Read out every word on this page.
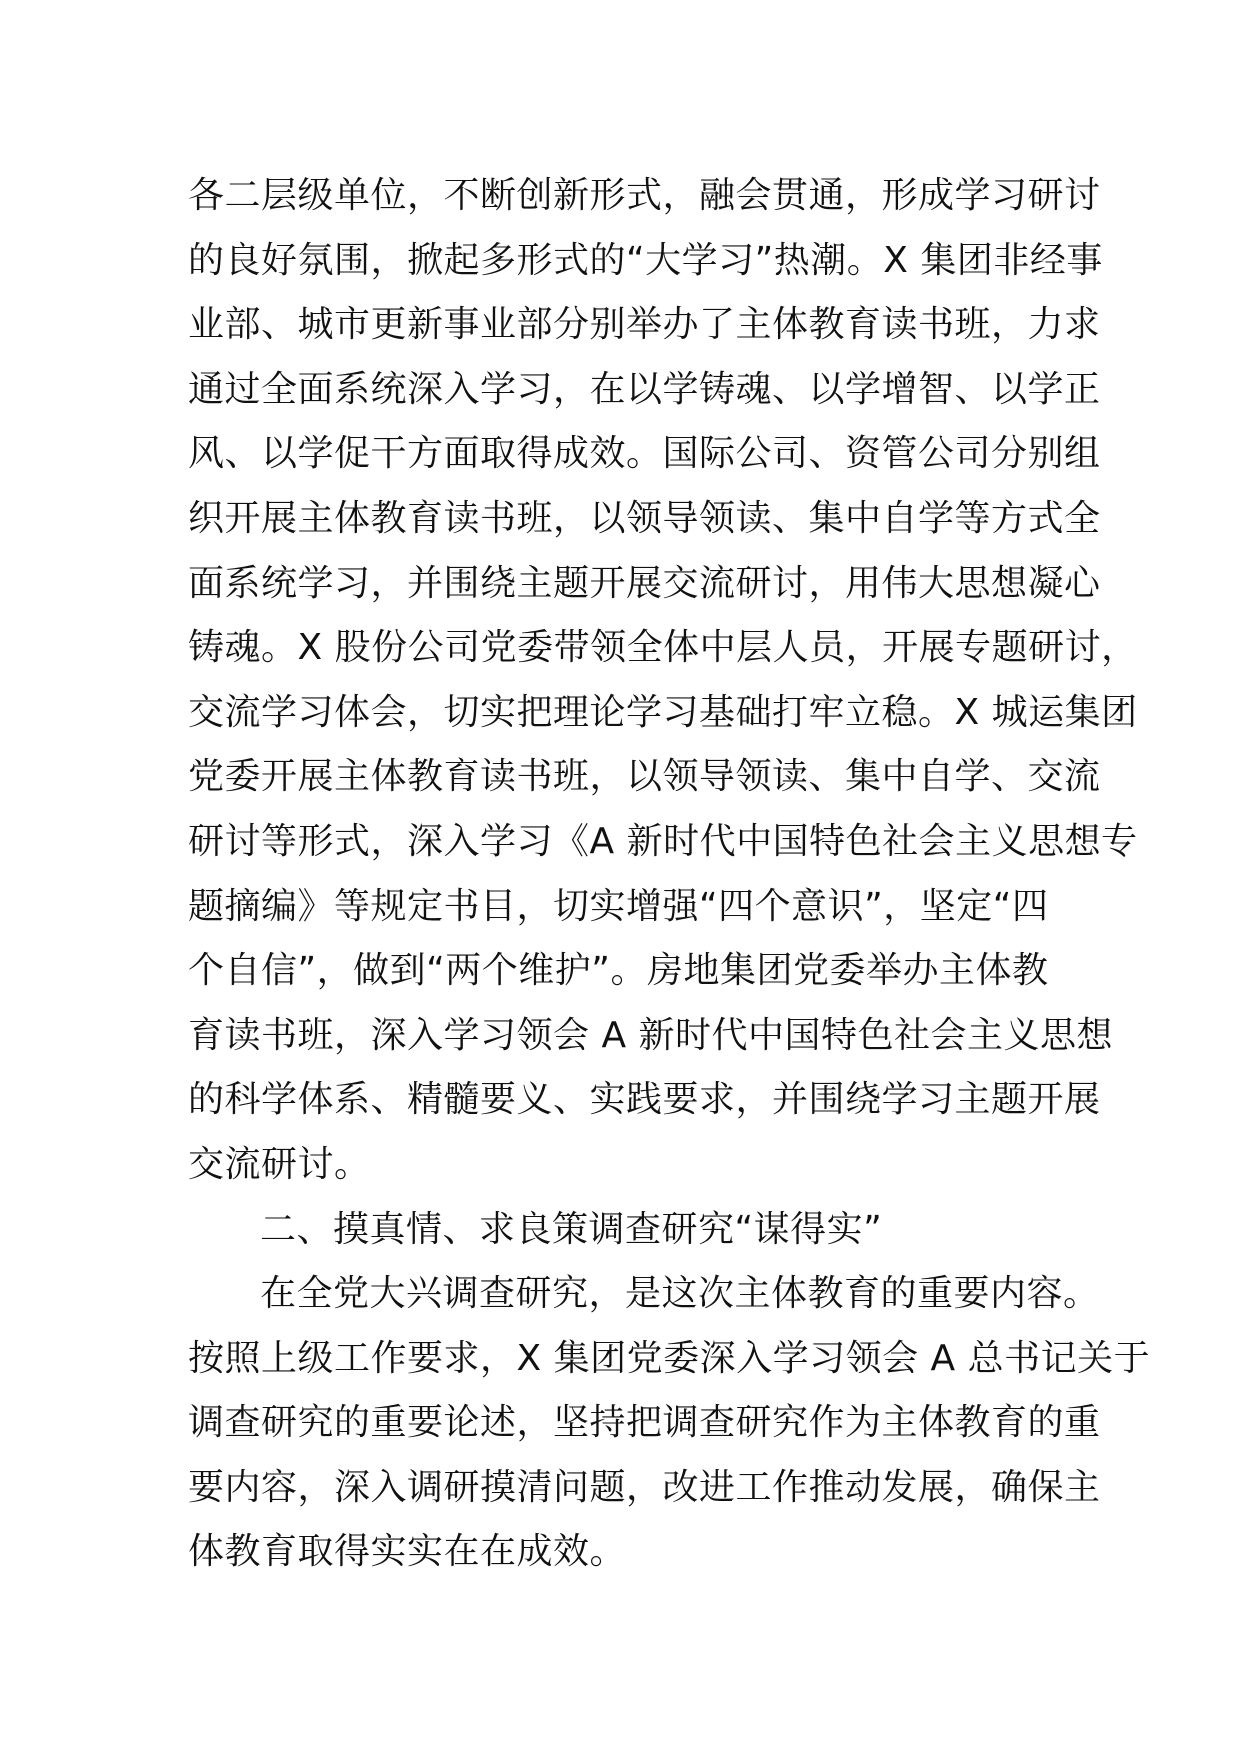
各二层级单位，不断创新形式，融会贯通，形成学习研讨
的良好氛围，掀起多形式的“大学习”热潮。X 集团非经事
业部、城市更新事业部分别举办了主体教育读书班，力求
通过全面系统深入学习，在以学铸魂、以学增智、以学正
风、以学促干方面取得成效。国际公司、资管公司分别组
织开展主体教育读书班，以领导领读、集中自学等方式全
面系统学习，并围绕主题开展交流研讨，用伟大思想凝心
铸魂。X 股份公司党委带领全体中层人员，开展专题研讨，
交流学习体会，切实把理论学习基础打牢立稳。X 城运集团
党委开展主体教育读书班，以领导领读、集中自学、交流
研讨等形式，深入学习《A 新时代中国特色社会主义思想专
题摘编》等规定书目，切实增强“四个意识”，坚定“四
个自信”，做到“两个维护”。房地集团党委举办主体教
育读书班，深入学习领会 A 新时代中国特色社会主义思想
的科学体系、精髓要义、实践要求，并围绕学习主题开展
交流研讨。
二、摸真情、求良策调查研究“谋得实”
在全党大兴调查研究，是这次主体教育的重要内容。
按照上级工作要求，X 集团党委深入学习领会 A 总书记关于
调查研究的重要论述，坚持把调查研究作为主体教育的重
要内容，深入调研摸清问题，改进工作推动发展，确保主
体教育取得实实在在成效。
